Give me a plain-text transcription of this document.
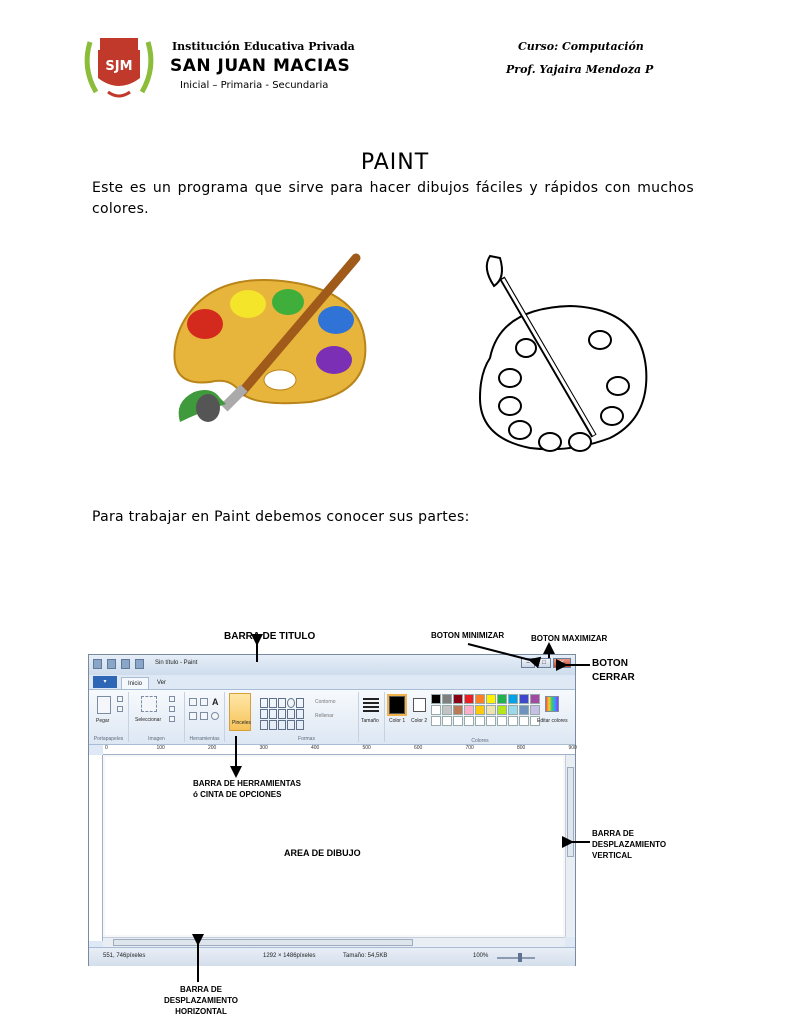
SJM
Institución Educativa Privada
SAN JUAN MACIAS
Inicial – Primaria - Secundaria
Curso: Computación
Prof. Yajaira Mendoza P
PAINT
Este es un programa que sirve para hacer dibujos fáciles y rápidos con muchos colores.
Para trabajar en Paint debemos conocer sus partes:
BARRA DE TITULO	BOTON MINIMIZAR	BOTON MAXIMIZAR
BOTON
CERRAR
BARRA DE
DESPLAZAMIENTO
VERTICAL
BARRA DE DESPLAZAMIENTO
HORIZONTAL
Sin título - Paint	–	□	✕
▾	Inicio	Ver
Pegar
Portapapeles
Seleccionar
Imagen
A
Herramientas
Pinceles
Contorno
Rellenar
Formas
Tamaño Color 1 Color 2	Editar colores
Colores
0	100	200	300	400	500	600	700	800	900
551, 746píxeles	1292 × 1486píxeles	Tamaño: 54,5KB	100%
BARRA DE HERRAMIENTAS
ó CINTA DE OPCIONES
AREA DE DIBUJO
